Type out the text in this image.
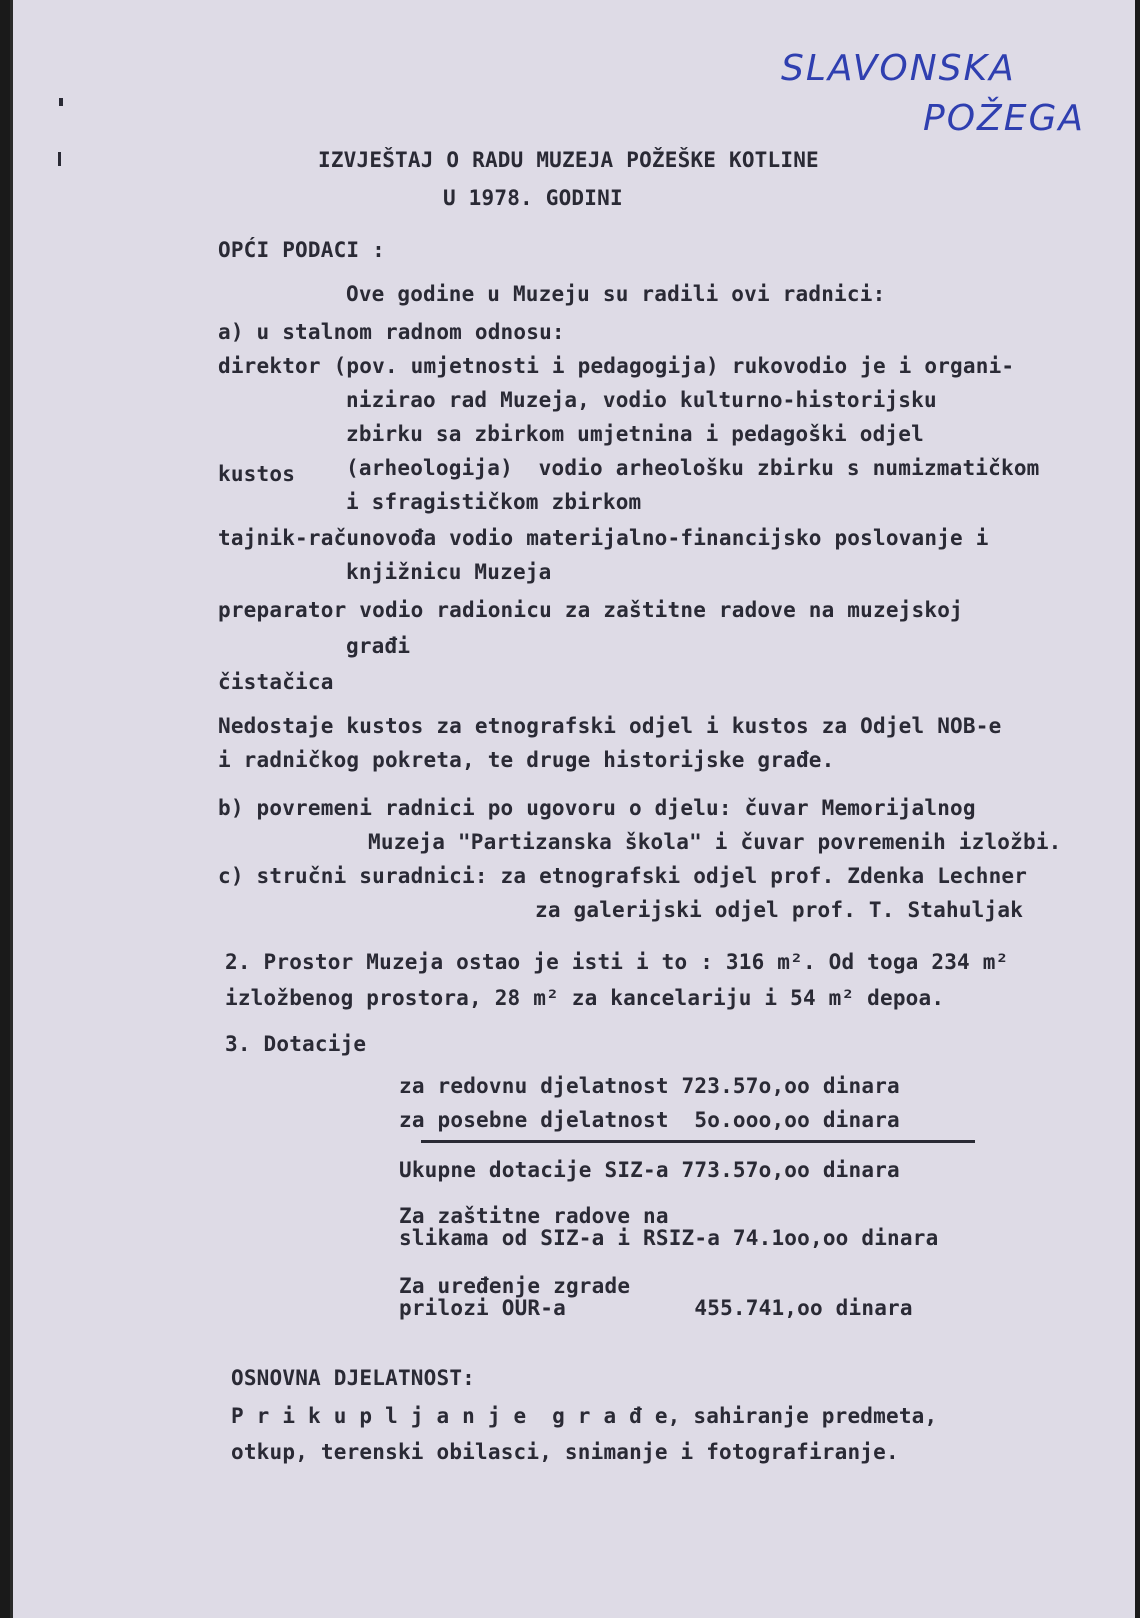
SLAVONSKA
POŽEGA
IZVJEŠTAJ O RADU MUZEJA POŽEŠKE KOTLINE
U 1978. GODINI
OPĆI PODACI :
Ove godine u Muzeju su radili ovi radnici:
a) u stalnom radnom odnosu:
direktor (pov. umjetnosti i pedagogija) rukovodio je i organi-
nizirao rad Muzeja, vodio kulturno-historijsku
zbirku sa zbirkom umjetnina i pedagoški odjel
kustos (arheologija)  vodio arheološku zbirku s numizmatičkom
i sfragističkom zbirkom
tajnik-računovođa vodio materijalno-financijsko poslovanje i
knjižnicu Muzeja
preparator vodio radionicu za zaštitne radove na muzejskoj
građi
čistačica
Nedostaje kustos za etnografski odjel i kustos za Odjel NOB-e
i radničkog pokreta, te druge historijske građe.
b) povremeni radnici po ugovoru o djelu: čuvar Memorijalnog
Muzeja "Partizanska škola" i čuvar povremenih izložbi.
c) stručni suradnici: za etnografski odjel prof. Zdenka Lechner
za galerijski odjel prof. T. Stahuljak
2. Prostor Muzeja ostao je isti i to : 316 m². Od toga 234 m²
izložbenog prostora, 28 m² za kancelariju i 54 m² depoa.
3. Dotacije
za redovnu djelatnost 723.57o,oo dinara
za posebne djelatnost  5o.ooo,oo dinara
Ukupne dotacije SIZ-a 773.57o,oo dinara
Za zaštitne radove na
slikama od SIZ-a i RSIZ-a 74.1oo,oo dinara
Za uređenje zgrade
prilozi OUR-a          455.741,oo dinara
OSNOVNA DJELATNOST:
P r i k u p l j a n j e  g r a đ e, sahiranje predmeta,
otkup, terenski obilasci, snimanje i fotografiranje.
